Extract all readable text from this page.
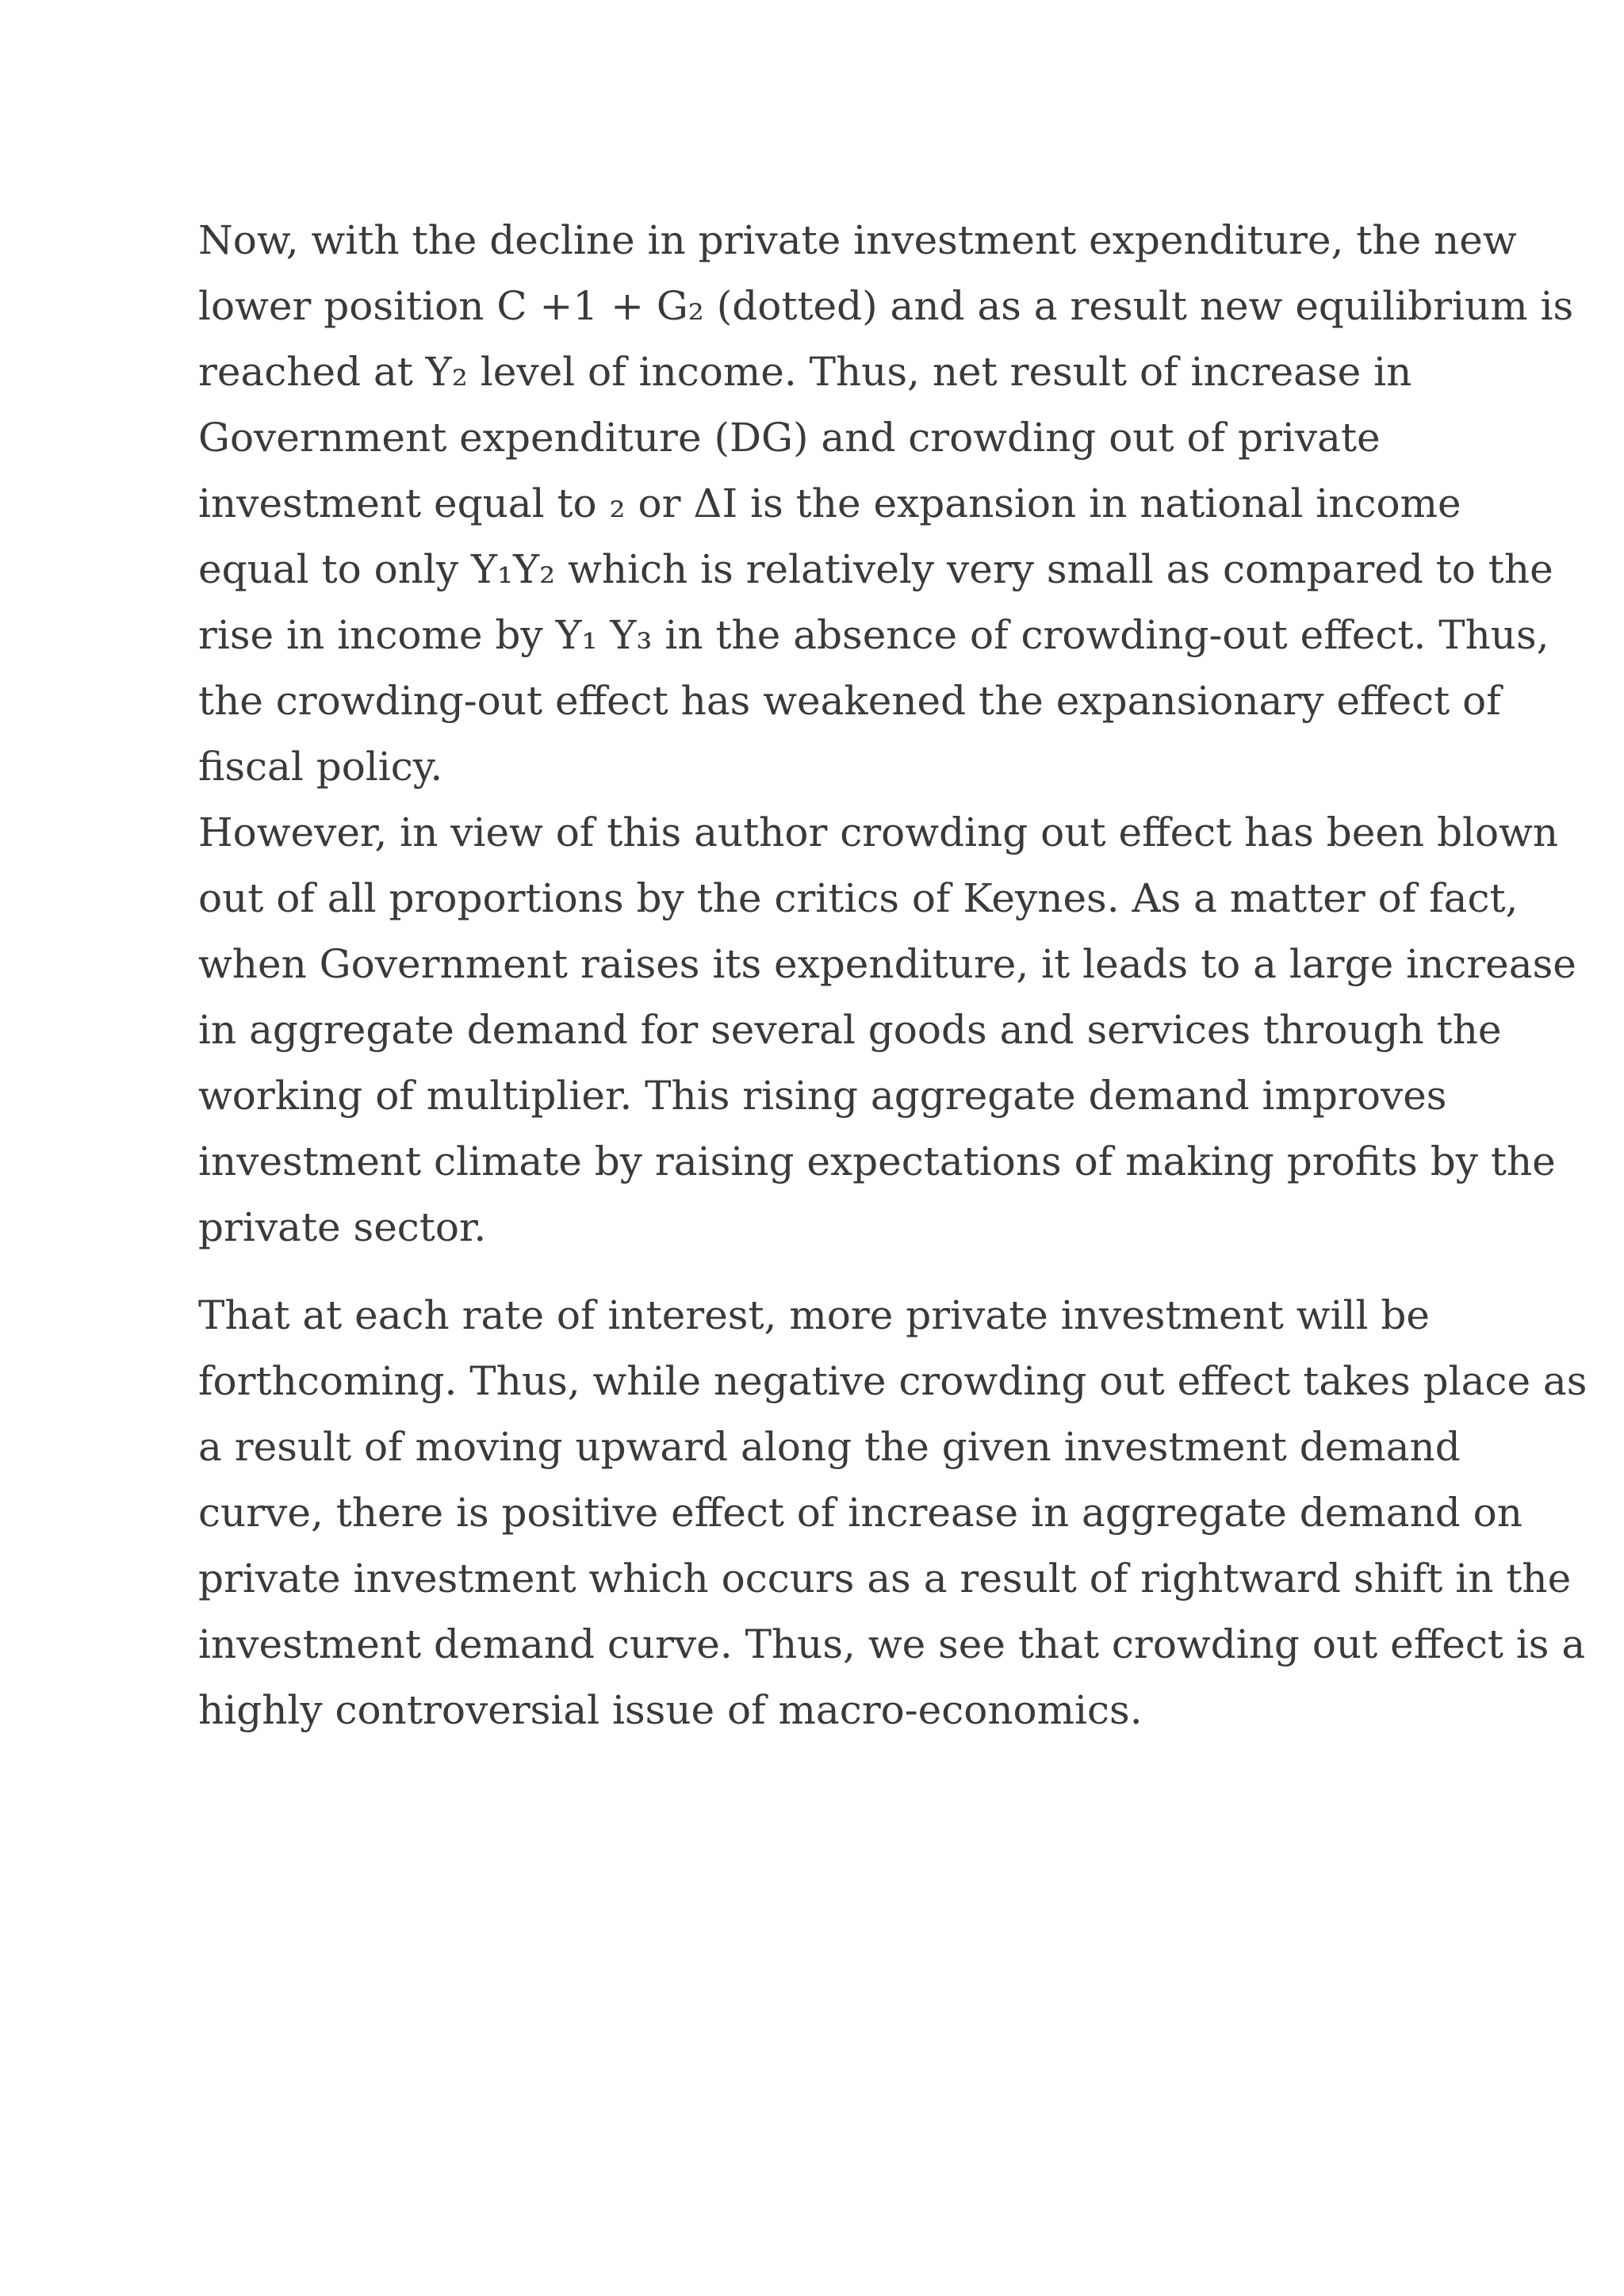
Now, with the decline in private investment expenditure, the new
lower position C +1 + G₂ (dotted) and as a result new equilibrium is
reached at Y₂ level of income. Thus, net result of increase in
Government expenditure (DG) and crowding out of private
investment equal to ₂ or ΔI is the expansion in national income
equal to only Y₁Y₂ which is relatively very small as compared to the
rise in income by Y₁ Y₃ in the absence of crowding-out effect. Thus,
the crowding-out effect has weakened the expansionary effect of
fiscal policy.

However, in view of this author crowding out effect has been blown
out of all proportions by the critics of Keynes. As a matter of fact,
when Government raises its expenditure, it leads to a large increase
in aggregate demand for several goods and services through the
working of multiplier. This rising aggregate demand improves
investment climate by raising expectations of making profits by the
private sector.

That at each rate of interest, more private investment will be
forthcoming. Thus, while negative crowding out effect takes place as
a result of moving upward along the given investment demand
curve, there is positive effect of increase in aggregate demand on
private investment which occurs as a result of rightward shift in the
investment demand curve. Thus, we see that crowding out effect is a
highly controversial issue of macro-economics.
